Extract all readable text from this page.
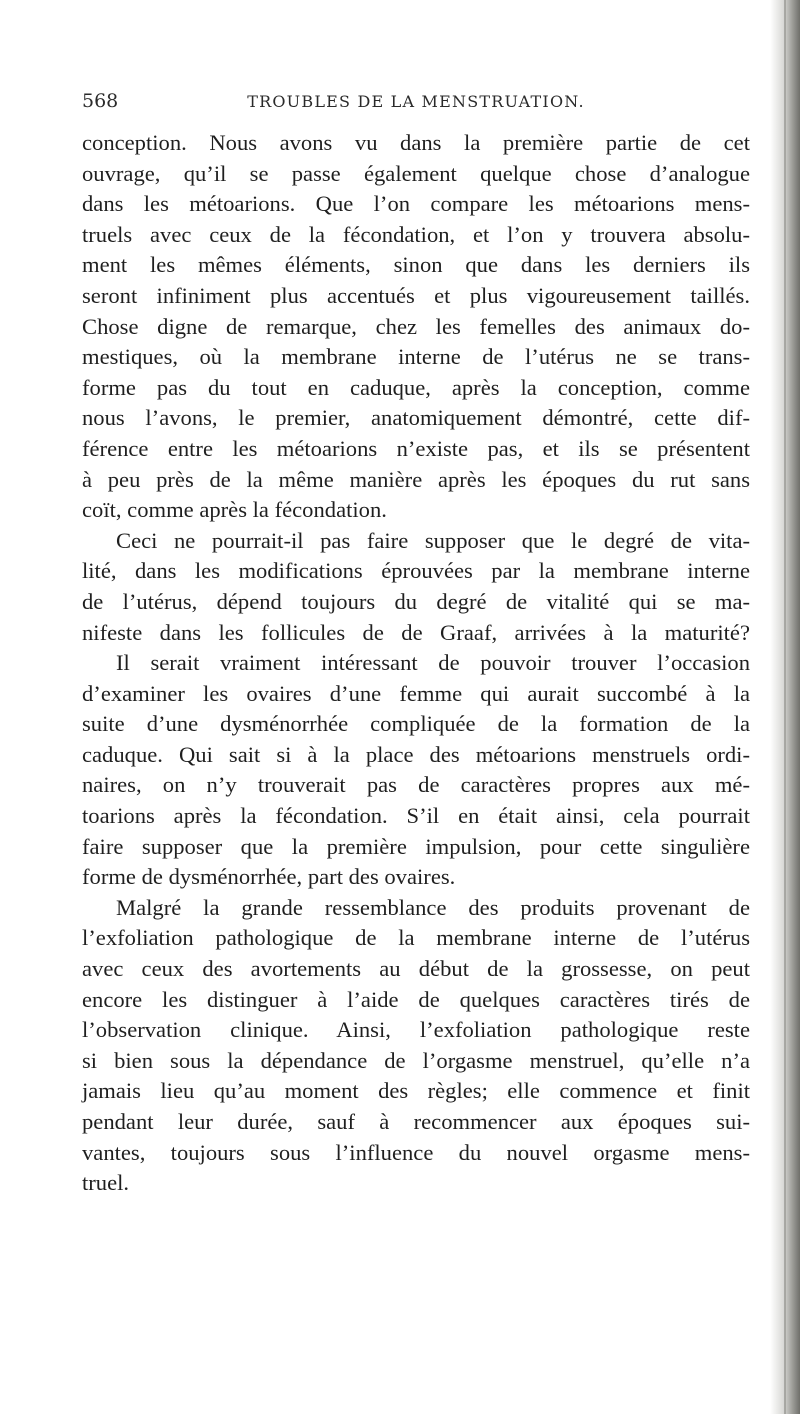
568	TROUBLES DE LA MENSTRUATION.
conception. Nous avons vu dans la première partie de cet
ouvrage, qu’il se passe également quelque chose d’analogue
dans les métoarions. Que l’on compare les métoarions mens-
truels avec ceux de la fécondation, et l’on y trouvera absolu-
ment les mêmes éléments, sinon que dans les derniers ils
seront infiniment plus accentués et plus vigoureusement taillés.
Chose digne de remarque, chez les femelles des animaux do-
mestiques, où la membrane interne de l’utérus ne se trans-
forme pas du tout en caduque, après la conception, comme
nous l’avons, le premier, anatomiquement démontré, cette dif-
férence entre les métoarions n’existe pas, et ils se présentent
à peu près de la même manière après les époques du rut sans
coït, comme après la fécondation.
Ceci ne pourrait-il pas faire supposer que le degré de vita-
lité, dans les modifications éprouvées par la membrane interne
de l’utérus, dépend toujours du degré de vitalité qui se ma-
nifeste dans les follicules de de Graaf, arrivées à la maturité?
Il serait vraiment intéressant de pouvoir trouver l’occasion
d’examiner les ovaires d’une femme qui aurait succombé à la
suite d’une dysménorrhée compliquée de la formation de la
caduque. Qui sait si à la place des métoarions menstruels ordi-
naires, on n’y trouverait pas de caractères propres aux mé-
toarions après la fécondation. S’il en était ainsi, cela pourrait
faire supposer que la première impulsion, pour cette singulière
forme de dysménorrhée, part des ovaires.
Malgré la grande ressemblance des produits provenant de
l’exfoliation pathologique de la membrane interne de l’utérus
avec ceux des avortements au début de la grossesse, on peut
encore les distinguer à l’aide de quelques caractères tirés de
l’observation clinique. Ainsi, l’exfoliation pathologique reste
si bien sous la dépendance de l’orgasme menstruel, qu’elle n’a
jamais lieu qu’au moment des règles; elle commence et finit
pendant leur durée, sauf à recommencer aux époques sui-
vantes, toujours sous l’influence du nouvel orgasme mens-
truel.
